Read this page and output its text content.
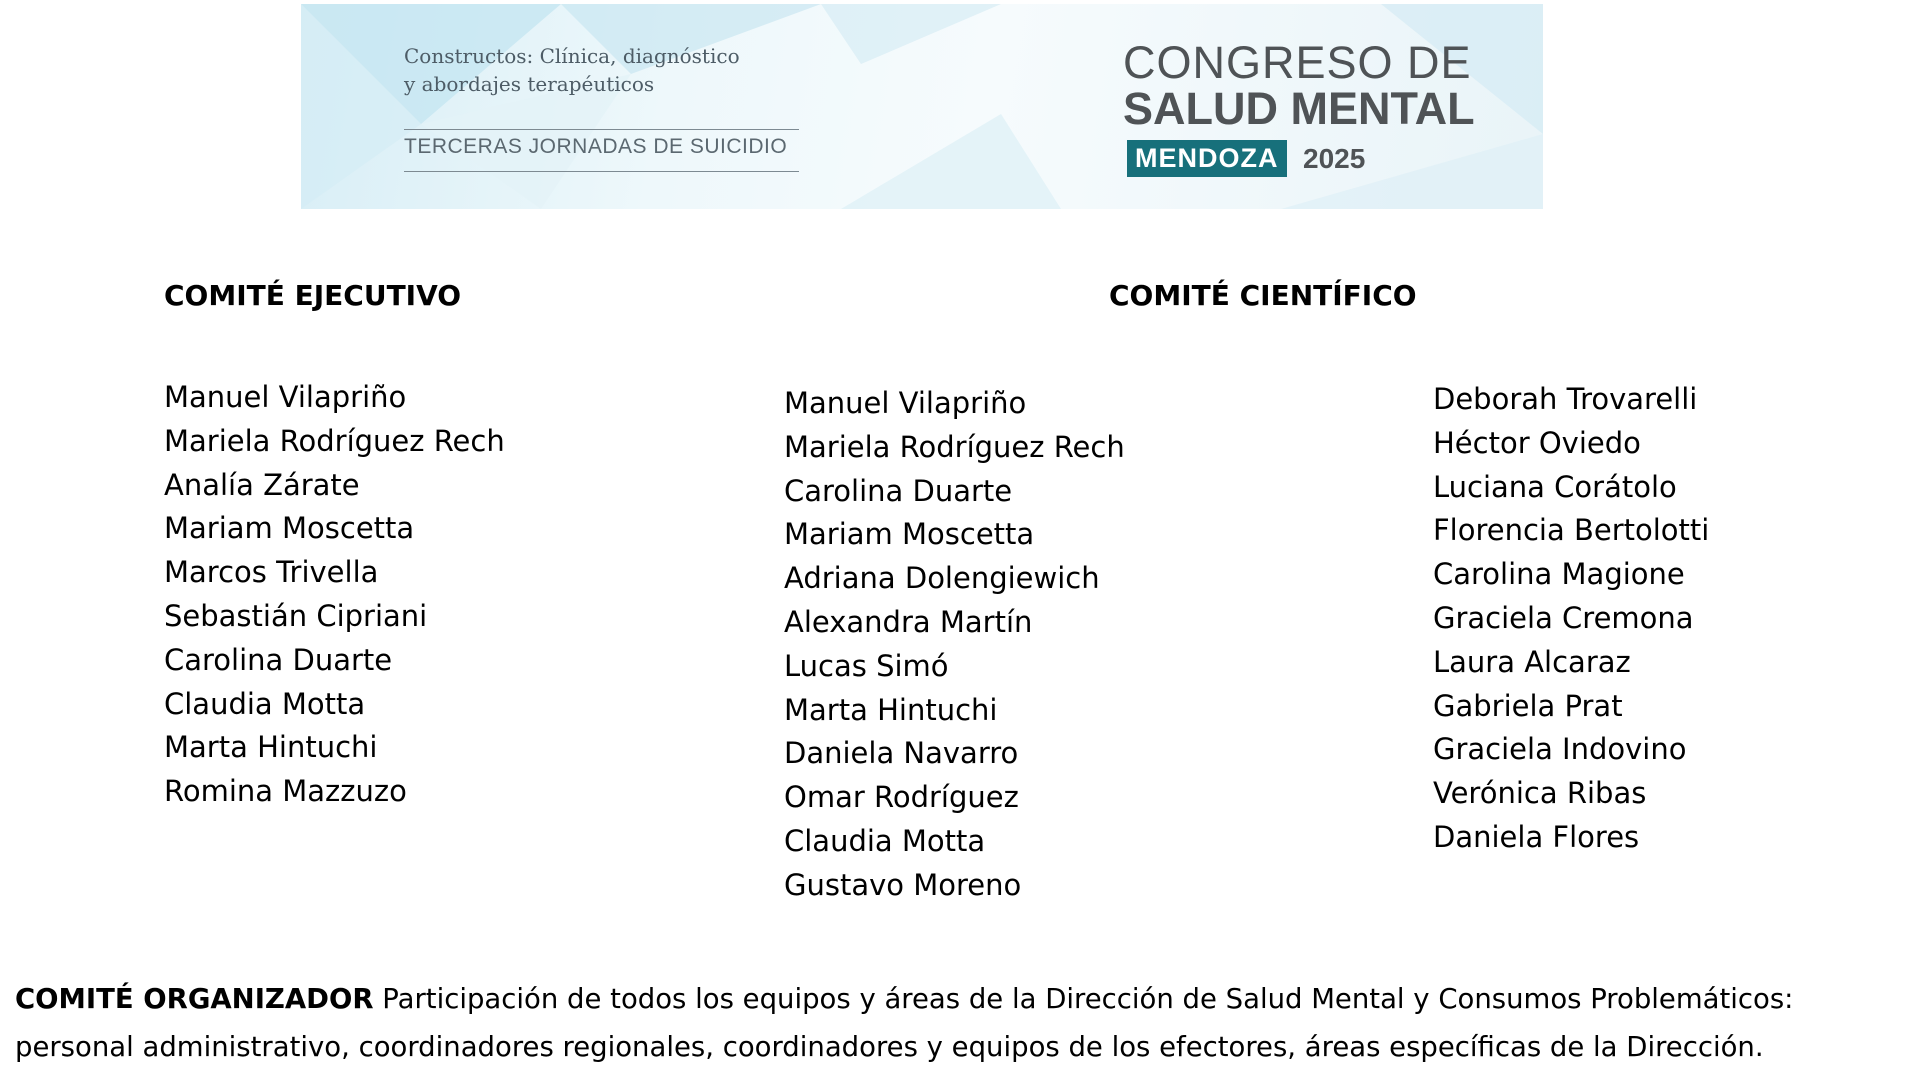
Constructos: Clínica, diagnóstico
y abordajes terapéuticos
TERCERAS JORNADAS DE SUICIDIO
CONGRESO DE
SALUD MENTAL
MENDOZA 2025
COMITÉ EJECUTIVO	COMITÉ CIENTÍFICO
Manuel Vilapriño
Mariela Rodríguez Rech
Analía Zárate
Mariam Moscetta
Marcos Trivella
Sebastián Cipriani
Carolina Duarte
Claudia Motta
Marta Hintuchi
Romina Mazzuzo
Manuel Vilapriño
Mariela Rodríguez Rech
Carolina Duarte
Mariam Moscetta
Adriana Dolengiewich
Alexandra Martín
Lucas Simó
Marta Hintuchi
Daniela Navarro
Omar Rodríguez
Claudia Motta
Gustavo Moreno
Deborah Trovarelli
Héctor Oviedo
Luciana Corátolo
Florencia Bertolotti
Carolina Magione
Graciela Cremona
Laura Alcaraz
Gabriela Prat
Graciela Indovino
Verónica Ribas
Daniela Flores
COMITÉ ORGANIZADOR Participación de todos los equipos y áreas de la Dirección de Salud Mental y Consumos Problemáticos: personal administrativo, coordinadores regionales, coordinadores y equipos de los efectores, áreas específicas de la Dirección.
